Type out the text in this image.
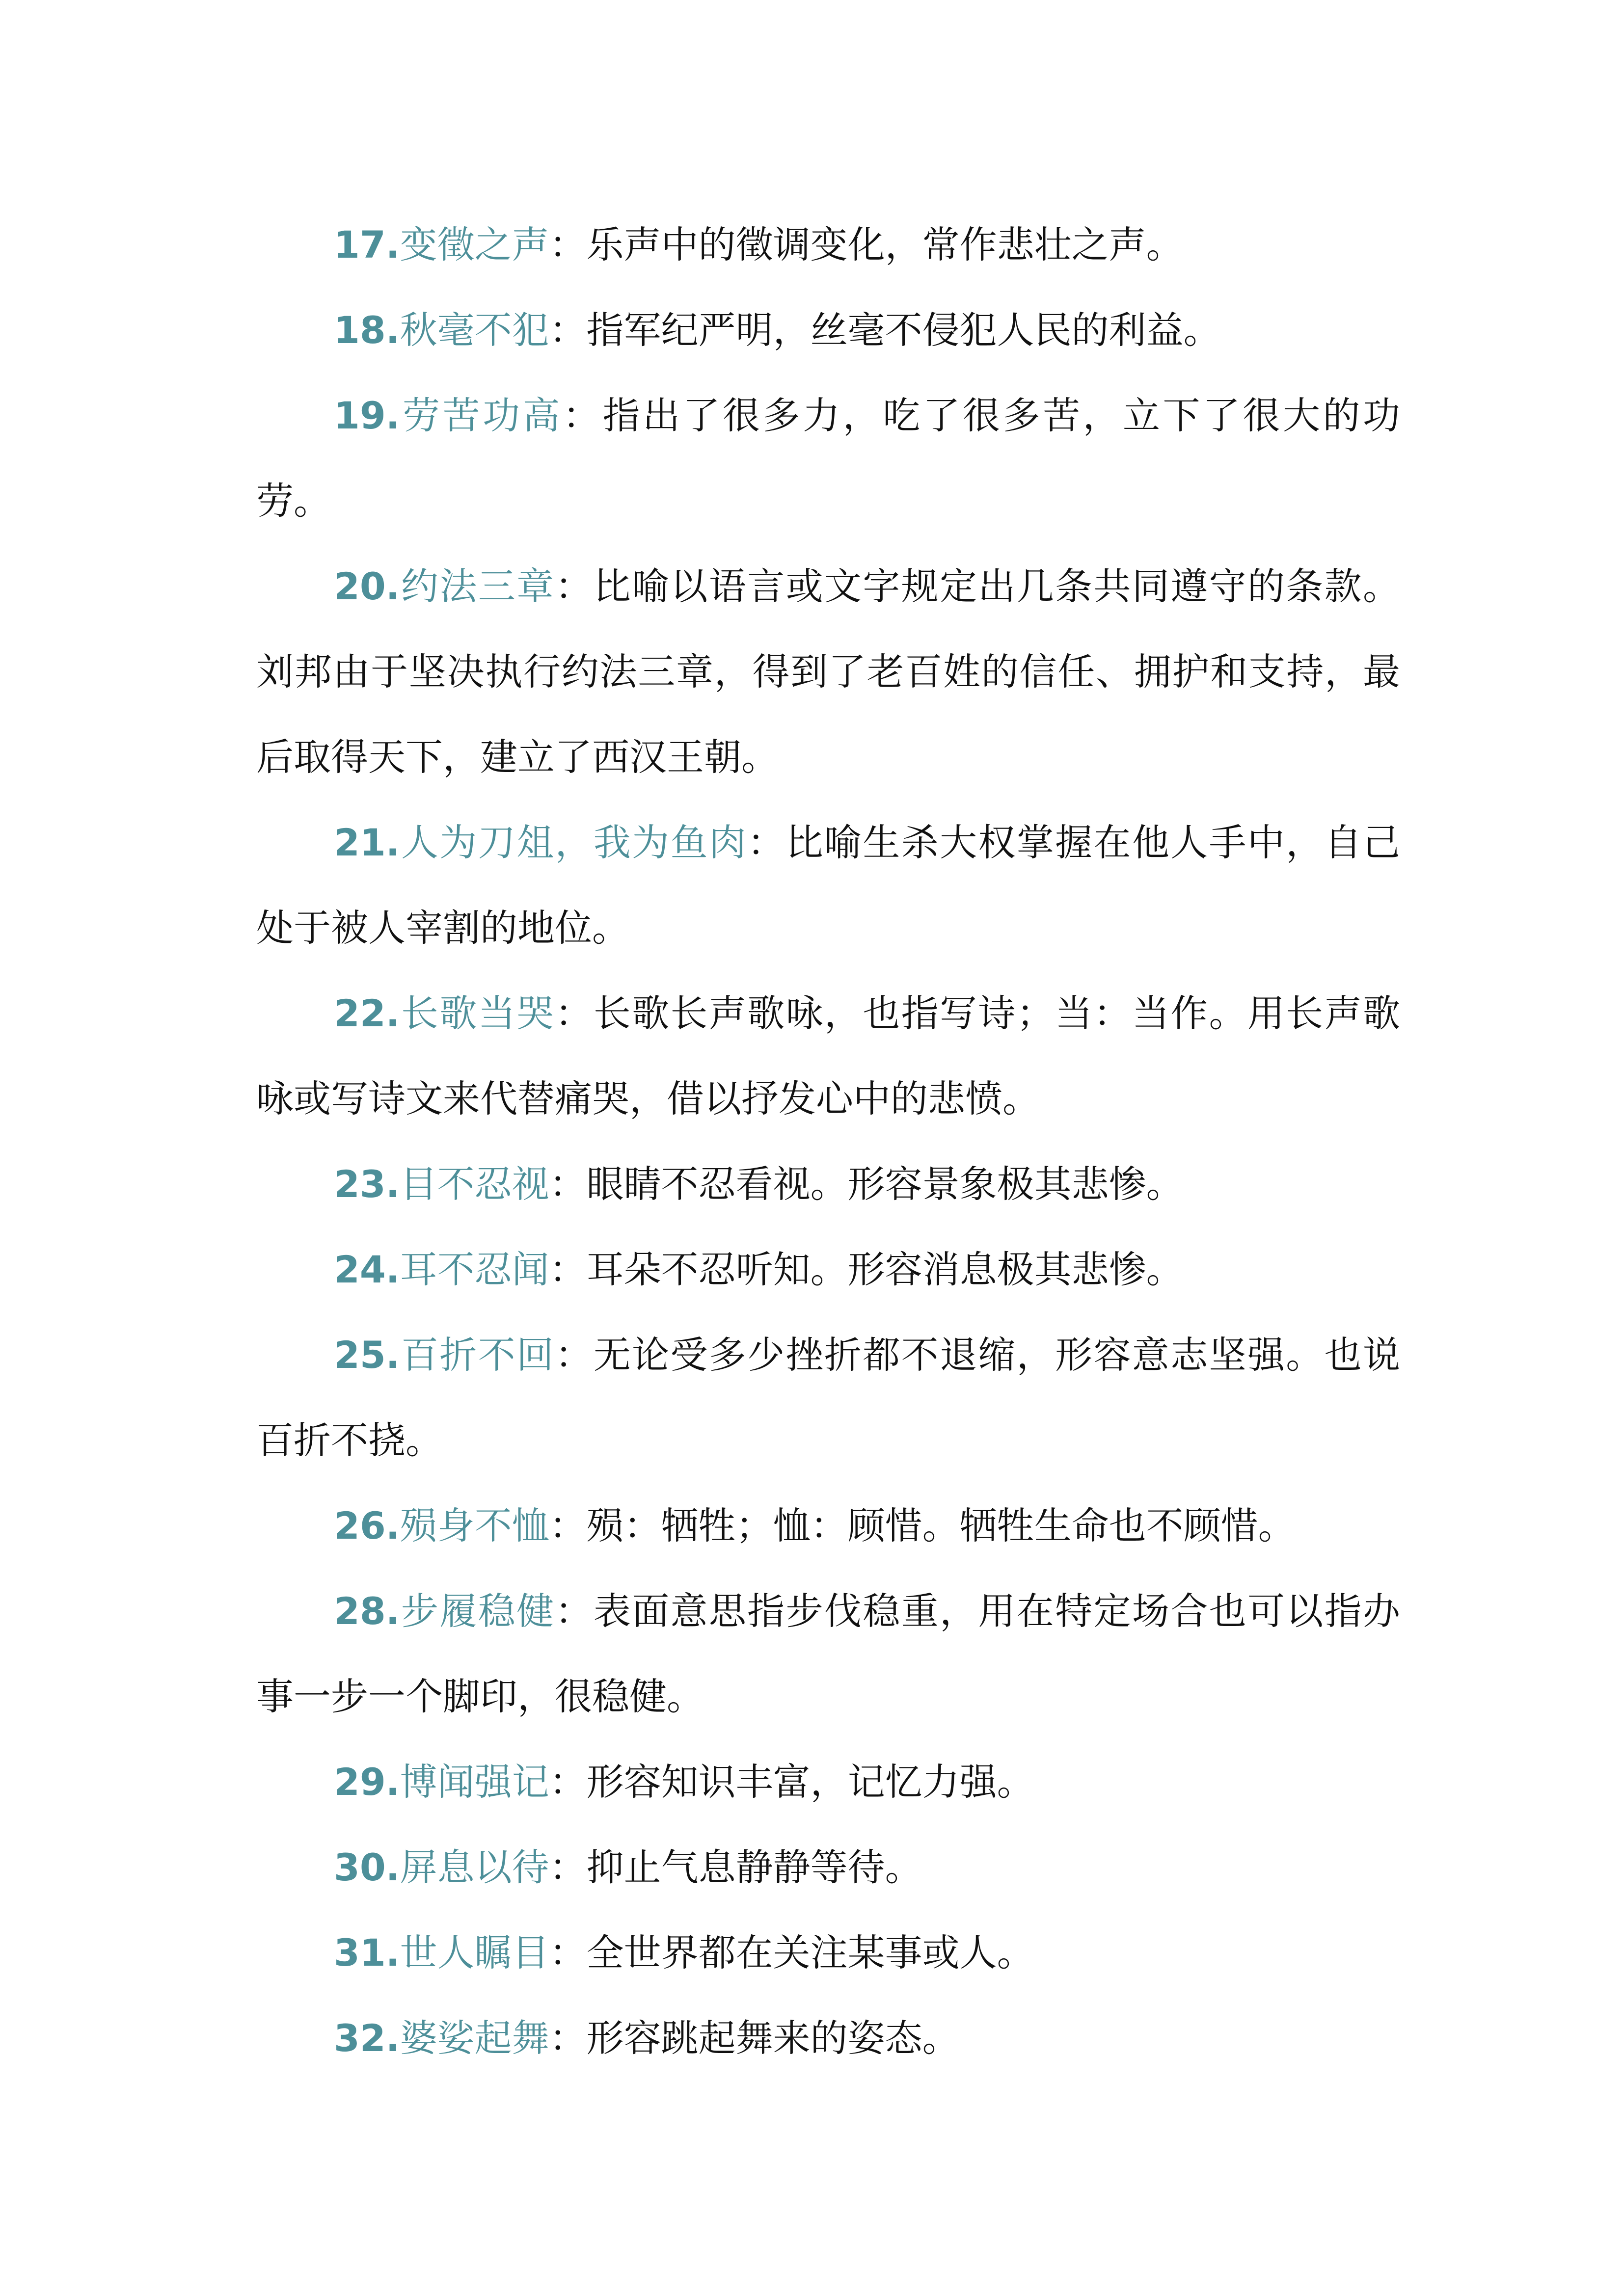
17.变徵之声：乐声中的徵调变化，常作悲壮之声。

18.秋毫不犯：指军纪严明，丝毫不侵犯人民的利益。

19.劳苦功高：指出了很多力，吃了很多苦，立下了很大的功劳。

20.约法三章：比喻以语言或文字规定出几条共同遵守的条款。刘邦由于坚决执行约法三章，得到了老百姓的信任、拥护和支持，最后取得天下，建立了西汉王朝。

21.人为刀俎，我为鱼肉：比喻生杀大权掌握在他人手中，自己处于被人宰割的地位。

22.长歌当哭：长歌长声歌咏，也指写诗；当：当作。用长声歌咏或写诗文来代替痛哭，借以抒发心中的悲愤。

23.目不忍视：眼睛不忍看视。形容景象极其悲惨。

24.耳不忍闻：耳朵不忍听知。形容消息极其悲惨。

25.百折不回：无论受多少挫折都不退缩，形容意志坚强。也说百折不挠。

26.殒身不恤：殒：牺牲；恤：顾惜。牺牲生命也不顾惜。

28.步履稳健：表面意思指步伐稳重，用在特定场合也可以指办事一步一个脚印，很稳健。

29.博闻强记：形容知识丰富，记忆力强。

30.屏息以待：抑止气息静静等待。

31.世人瞩目：全世界都在关注某事或人。

32.婆娑起舞：形容跳起舞来的姿态。
